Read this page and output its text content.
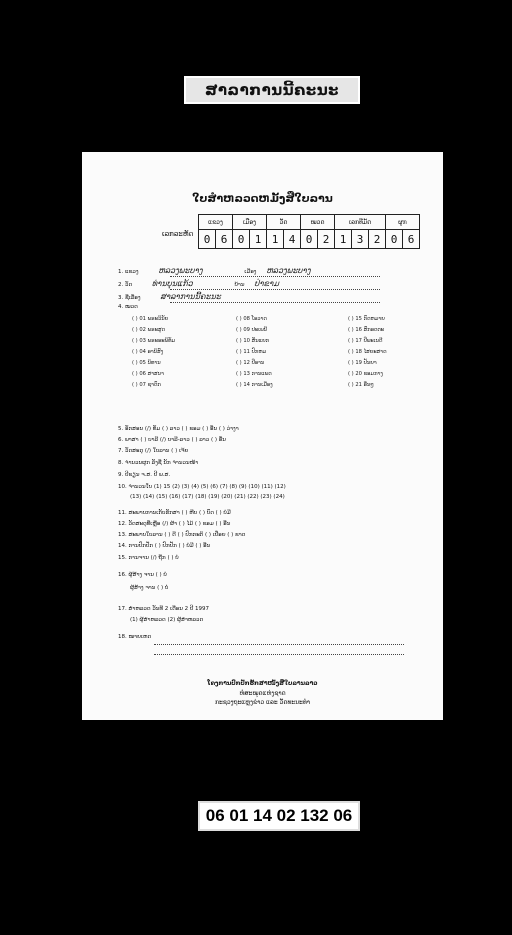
ສາລາການນີ້ຄະນະ
ໃບສຳຫລວດຫມັ້ງສືໃບລານ
ເລກລະຫັດ
ແຂວງ		ເມືອງ		ວັດ		ໝວດ		ເລກທີມັດ			ຜູກ	
0	6	0	1	1	4	0	2	1	3	2	0	6
1. ແຂວງ ຫລວງພະບາງ	ເມືອງ ຫລວງພະບາງ
2. ວັດ ທ່ານບຸນແກ້ວ	ບ້ານ ປ່າຂາມ
3. ຊື່ເລື່ອງ ສາລາການນີ້ຄະນະ
4. ໝວດ
( ) 01 ພຣະວິນັຍ
( ) 02 ພຣະສູດ
( ) 03 ພຣະອະພິທັມ
( ) 04 ອານິສົງ
( ) 05 ນິທານ
( ) 06 ສາສນາ
( ) 07 ຊາດົກ
( ) 08 ໂອວາດ
( ) 09 ປະເພນີ
( ) 10 ສັນແຍກ
( ) 11 ປົກຫມ
( ) 12 ປືອານ
( ) 13 ການແພດ
( ) 14 ການເມືອງ
( ) 15 ກົດຫມາຍ
( ) 16 ສົກອດຕະ
( ) 17 ປືພະເນດີ
( ) 18 ໄສຍະສາດ
( ) 19 ປັນຍາ
( ) 20 ຂອມກາງ
( ) 21 ອື່ນໆ
5. ອັກສອນ (/) ທັມ ( ) ລາວ ( ) ຂອມ ( ) ອື່ນ ( ) ວ່າງາ
6. ພາສາ ( ) ບາລີ (/) ບາລີ-ລາວ ( ) ລາວ ( ) ອື່ນ
7. ວັດສະດຸ (/) ໃບລານ ( ) ເຈ້ຍ
8. ຈຳນວນຜູກ ລັງຊື່ ນັກ ຈຳນວນໜ້າ
9. ປີຂຽນ ຈ.ສ. ປີ ພ.ສ.
10. ຈຳນວນໃບ (1) 15 (2) (3) (4) (5) (6) (7) (8) (9) (10) (11) (12)
(13) (14) (15) (16) (17) (18) (19) (20) (21) (22) (23) (24)
11. ສະພາບການເກັບຮັກສາ ( ) ຫີບ ( ) ບົດ ( ) ບໍ່ມີ
12. ວັດສະດຸທີ່ເຫຼືອ (/) ຜ້າ ( ) ໄມ້ ( ) ຂອມ ( ) ອື່ນ
13. ສະພາບໃບລານ ( ) ດີ ( ) ປົກກະຕິ ( ) ເປື່ອຍ ( ) ຂາດ
14. ການປົກປັກ ( ) ປົກປັກ ( ) ບໍ່ມີ ( ) ອື່ນ
15. ການຈານ (/) ຖືກ ( ) ບໍ່
16. ຜູ້ສ້າງ ຈານ ( ) ບໍ່
ຜູ້ສ້າງ ຈານ ( ) ບໍ່
17. ສຳຫລວດ ວັນທີ 2 ເດືອນ 2 ປີ 1997
(1) ຜູ້ສຳຫລວດ (2) ຜູ້ສຳຫລວດ
18. ໝາຍເຫດ
ໂຄງການປົກປັກຮັກສາໜັງສືໃບລານລາວ
ຫໍສະໝຸດແຫ່ງຊາດ
ກະຊວງຖະແຫຼງຂ່າວ ແລະ ວັດທະນະທຳ
06 01 14 02 132 06
